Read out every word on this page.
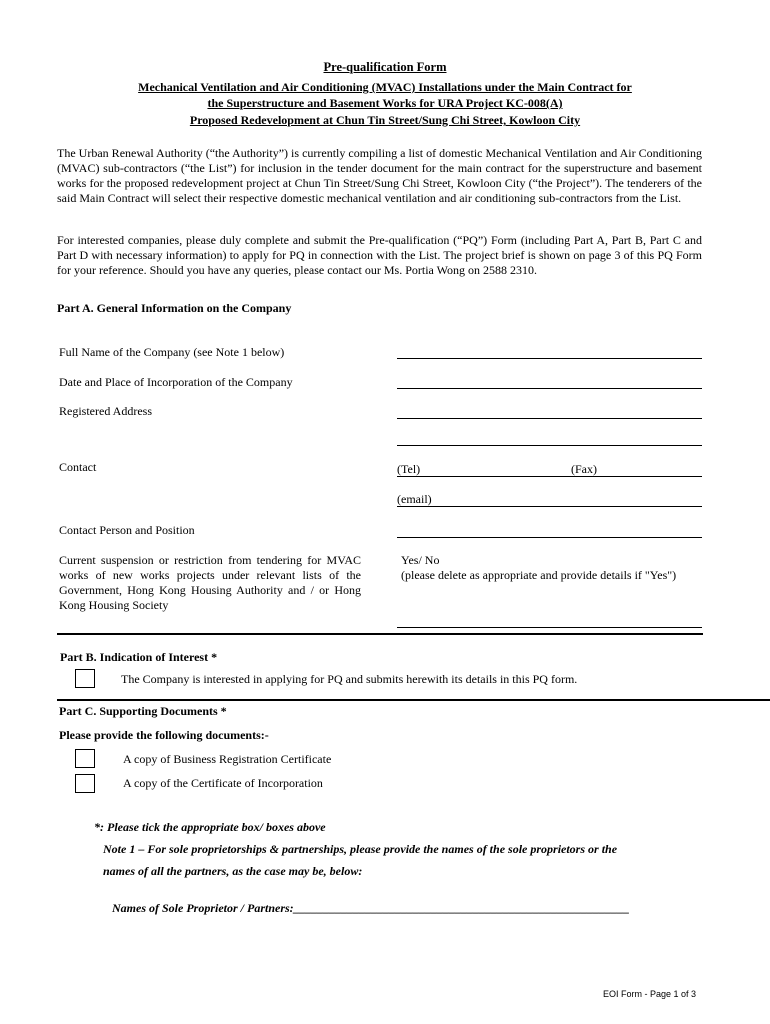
Pre-qualification Form
Mechanical Ventilation and Air Conditioning (MVAC) Installations under the Main Contract for
the Superstructure and Basement Works for URA Project KC-008(A)
Proposed Redevelopment at Chun Tin Street/Sung Chi Street, Kowloon City
The Urban Renewal Authority (“the Authority”) is currently compiling a list of domestic Mechanical Ventilation and Air Conditioning (MVAC) sub-contractors (“the List”) for inclusion in the tender document for the main contract for the superstructure and basement works for the proposed redevelopment project at Chun Tin Street/Sung Chi Street, Kowloon City (“the Project”). The tenderers of the said Main Contract will select their respective domestic mechanical ventilation and air conditioning sub-contractors from the List.
For interested companies, please duly complete and submit the Pre-qualification (“PQ”) Form (including Part A, Part B, Part C and Part D with necessary information) to apply for PQ in connection with the List. The project brief is shown on page 3 of this PQ Form for your reference. Should you have any queries, please contact our Ms. Portia Wong on 2588 2310.
Part A. General Information on the Company
Full Name of the Company (see Note 1 below)
Date and Place of Incorporation of the Company
Registered Address
Contact	(Tel)	(Fax)
(email)
Contact Person and Position
Current suspension or restriction from tendering for MVAC works of new works projects under relevant lists of the Government, Hong Kong Housing Authority and / or Hong Kong Housing Society
Yes/ No
(please delete as appropriate and provide details if "Yes")
Part B. Indication of Interest *
The Company is interested in applying for PQ and submits herewith its details in this PQ form.
Part C. Supporting Documents *
Please provide the following documents:-
A copy of Business Registration Certificate
A copy of the Certificate of Incorporation
*: Please tick the appropriate box/ boxes above
Note 1 – For sole proprietorships & partnerships, please provide the names of the sole proprietors or the
names of all the partners, as the case may be, below:
Names of Sole Proprietor / Partners:________________________________________________________
EOI Form - Page 1 of 3
